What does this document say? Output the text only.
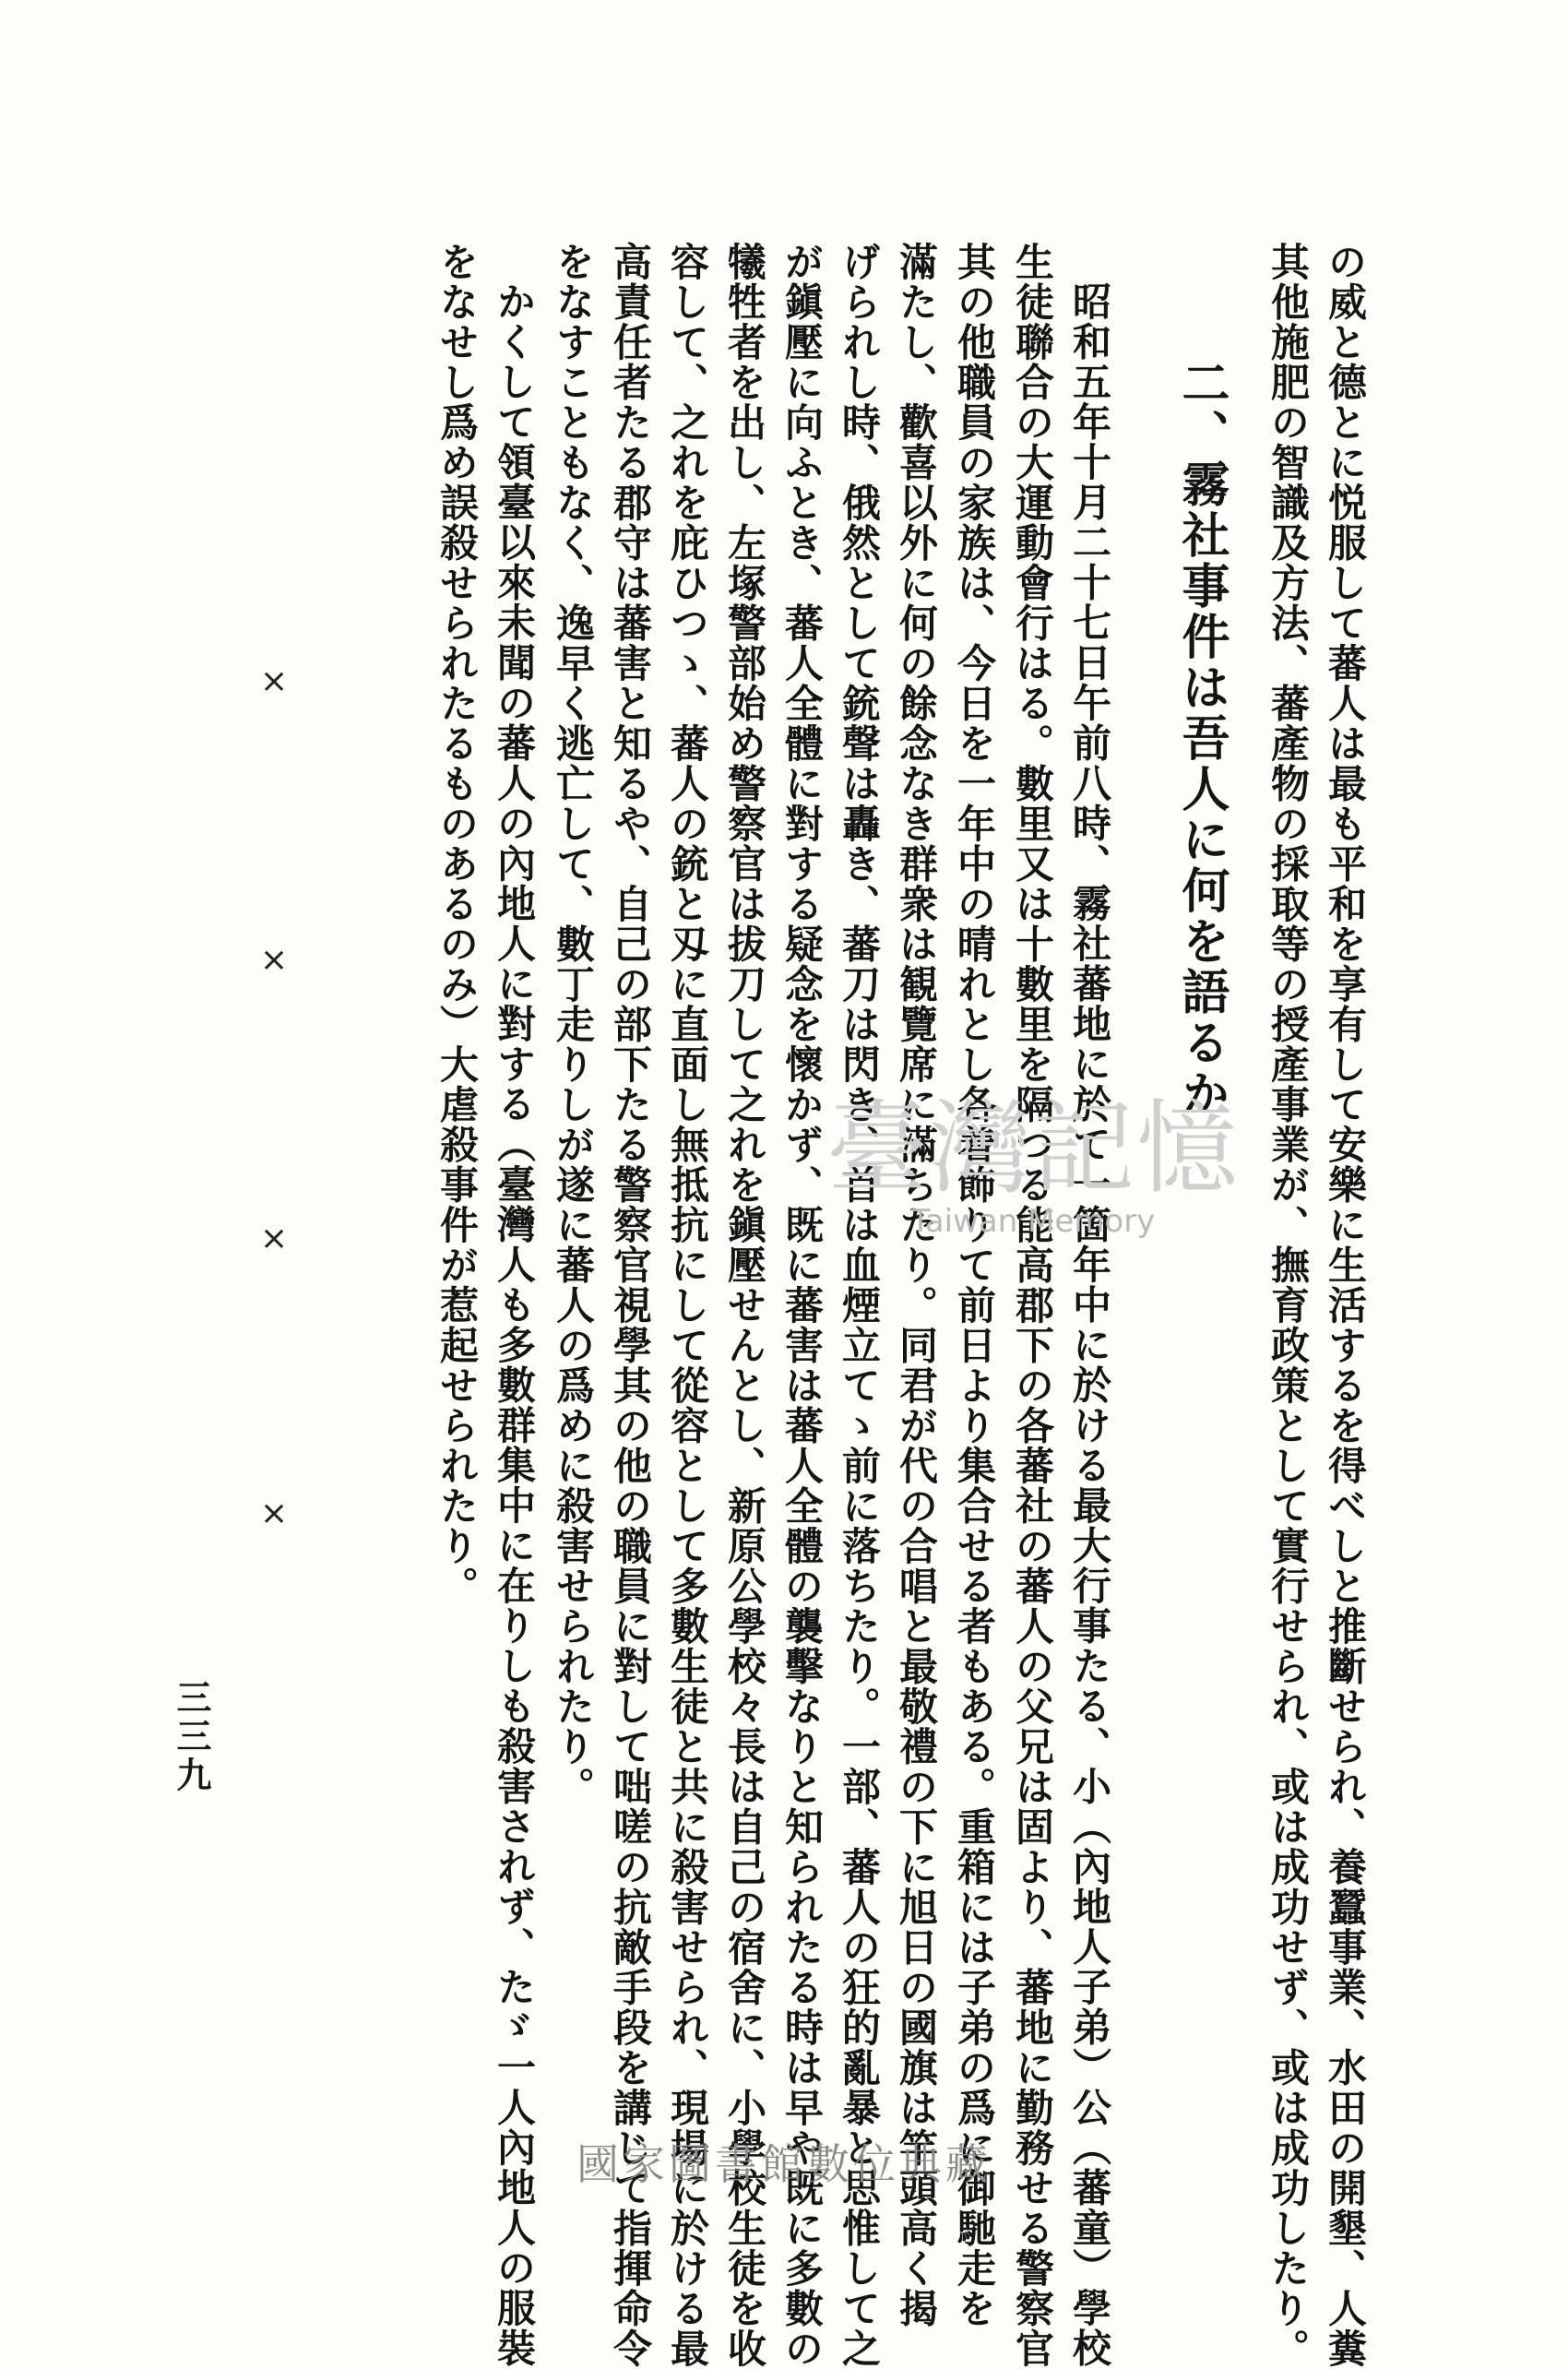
の威と德とに悦服して蕃人は最も平和を享有して安樂に生活するを得べしと推斷せられ、養蠶事業、水田の開墾、人糞
其他施肥の智識及方法、蕃產物の採取等の授產事業が、撫育政策として實行せられ、或は成功せず、或は成功したり。
二、霧社事件は吾人に何を語るか
昭和五年十月二十七日午前八時、霧社蕃地に於て一箇年中に於ける最大行事たる、小（內地人子弟）公（蕃童）學校
生徒聯合の大運動會行はる。數里又は十數里を隔つる能高郡下の各蕃社の蕃人の父兄は固より、蕃地に勤務せる警察官
其の他職員の家族は、今日を一年中の晴れとし各着飾りて前日より集合せる者もある。重箱には子弟の爲に御馳走を
滿たし、歡喜以外に何の餘念なき群衆は観覽席に滿ちたり。同君が代の合唱と最敬禮の下に旭日の國旗は竿頭高く揭
げられし時、俄然として銃聲は轟き、蕃刀は閃き、首は血煙立てゝ前に落ちたり。一部、蕃人の狂的亂暴と思惟して之
が鎭壓に向ふとき、蕃人全體に對する疑念を懷かず、既に蕃害は蕃人全體の襲擊なりと知られたる時は早や既に多數の
犧牲者を出し、左塚警部始め警察官は拔刀して之れを鎭壓せんとし、新原公學校々長は自己の宿舍に、小學校生徒を收
容して、之れを庇ひつゝ、蕃人の銃と刄に直面し無抵抗にして從容として多數生徒と共に殺害せられ、現場に於ける最
高責任者たる郡守は蕃害と知るや、自己の部下たる警察官視學其の他の職員に對して咄嗟の抗敵手段を講じて指揮命令
をなすこともなく、逸早く逃亡して、數丁走りしが遂に蕃人の爲めに殺害せられたり。
かくして領臺以來未聞の蕃人の內地人に對する（臺灣人も多數群集中に在りしも殺害されず、たゞ一人內地人の服裝
をなせし爲め誤殺せられたるものあるのみ）大虐殺事件が惹起せられたり。
×
×
×
×
三三九
臺灣記憶
Taiwan Memory
國家圖書館數位典藏
